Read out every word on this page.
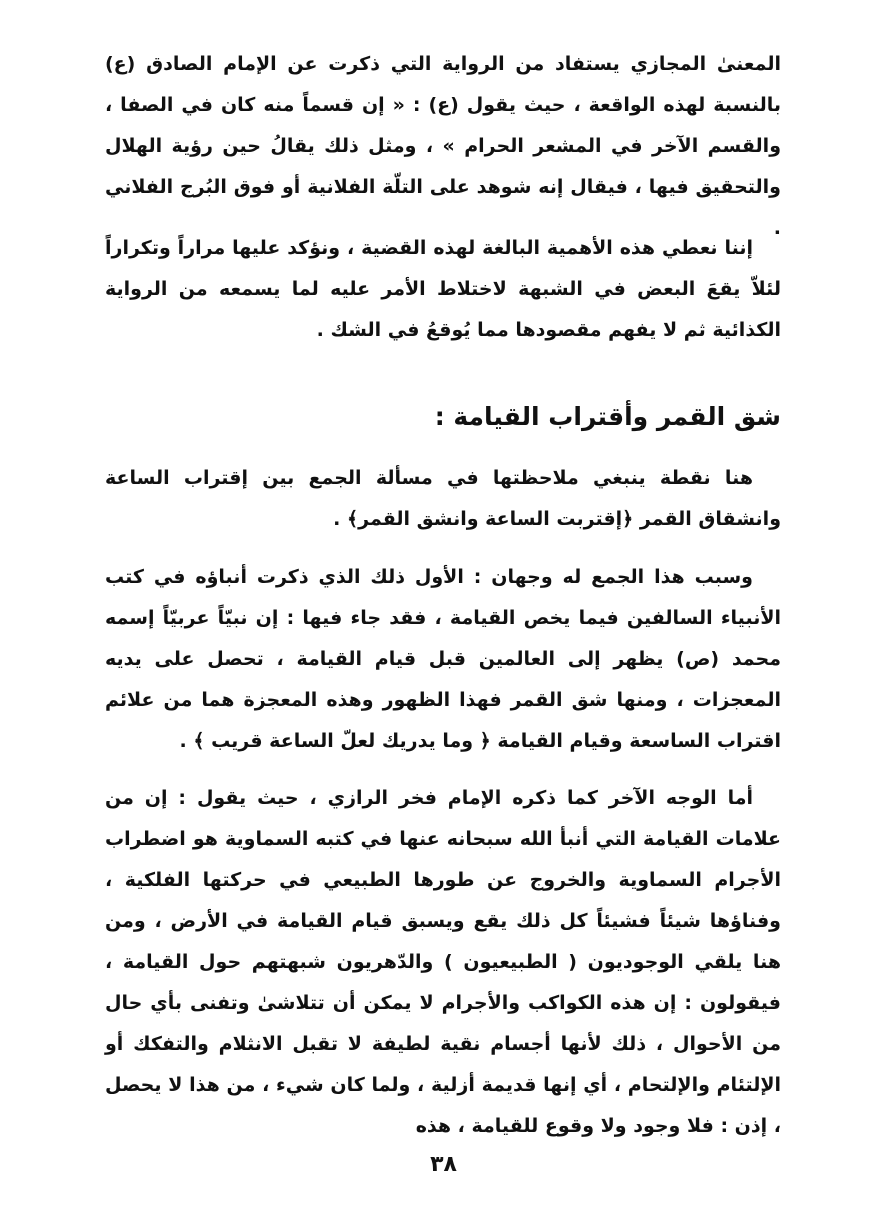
المعنىٰ المجازي يستفاد من الرواية التي ذكرت عن الإمام الصادق (ع) بالنسبة لهذه الواقعة ، حيث يقول (ع) : « إن قسماً منه كان في الصفا ، والقسم الآخر في المشعر الحرام » ، ومثل ذلك يقالُ حين رؤية الهلال والتحقيق فيها ، فيقال إنه شوهد على التلّة الفلانية أو فوق البُرج الفلاني .

إننا نعطي هذه الأهمية البالغة لهذه القضية ، ونؤكد عليها مراراً وتكراراً لئلاّ يقعَ البعض في الشبهة لاختلاط الأمر عليه لما يسمعه من الرواية الكذائية ثم لا يفهم مقصودها مما يُوقعُ في الشك .

شق القمر وأقتراب القيامة :

هنا نقطة ينبغي ملاحظتها في مسألة الجمع بين إقتراب الساعة وانشقاق القمر ﴿إقتربت الساعة وانشق القمر﴾ .

وسبب هذا الجمع له وجهان : الأول ذلك الذي ذكرت أنباؤه في كتب الأنبياء السالفين فيما يخص القيامة ، فقد جاء فيها : إن نبيّاً عربيّاً إسمه محمد (ص) يظهر إلى العالمين قبل قيام القيامة ، تحصل على يديه المعجزات ، ومنها شق القمر فهذا الظهور وهذه المعجزة هما من علائم اقتراب الساسعة وقيام القيامة ﴿ وما يدريك لعلّ الساعة قريب ﴾ .

أما الوجه الآخر كما ذكره الإمام فخر الرازي ، حيث يقول : إن من علامات القيامة التي أنبأ الله سبحانه عنها في كتبه السماوية هو اضطراب الأجرام السماوية والخروج عن طورها الطبيعي في حركتها الفلكية ، وفناؤها شيئاً فشيئاً كل ذلك يقع ويسبق قيام القيامة في الأرض ، ومن هنا يلقي الوجوديون ( الطبيعيون ) والدّهريون شبهتهم حول القيامة ، فيقولون : إن هذه الكواكب والأجرام لا يمكن أن تتلاشىٰ وتفنى بأي حال من الأحوال ، ذلك لأنها أجسام نقية لطيفة لا تقبل الانثلام والتفكك أو الإلتئام والإلتحام ، أي إنها قديمة أزلية ، ولما كان شيء ، من هذا لا يحصل ، إذن : فلا وجود ولا وقوع للقيامة ، هذه

٣٨
